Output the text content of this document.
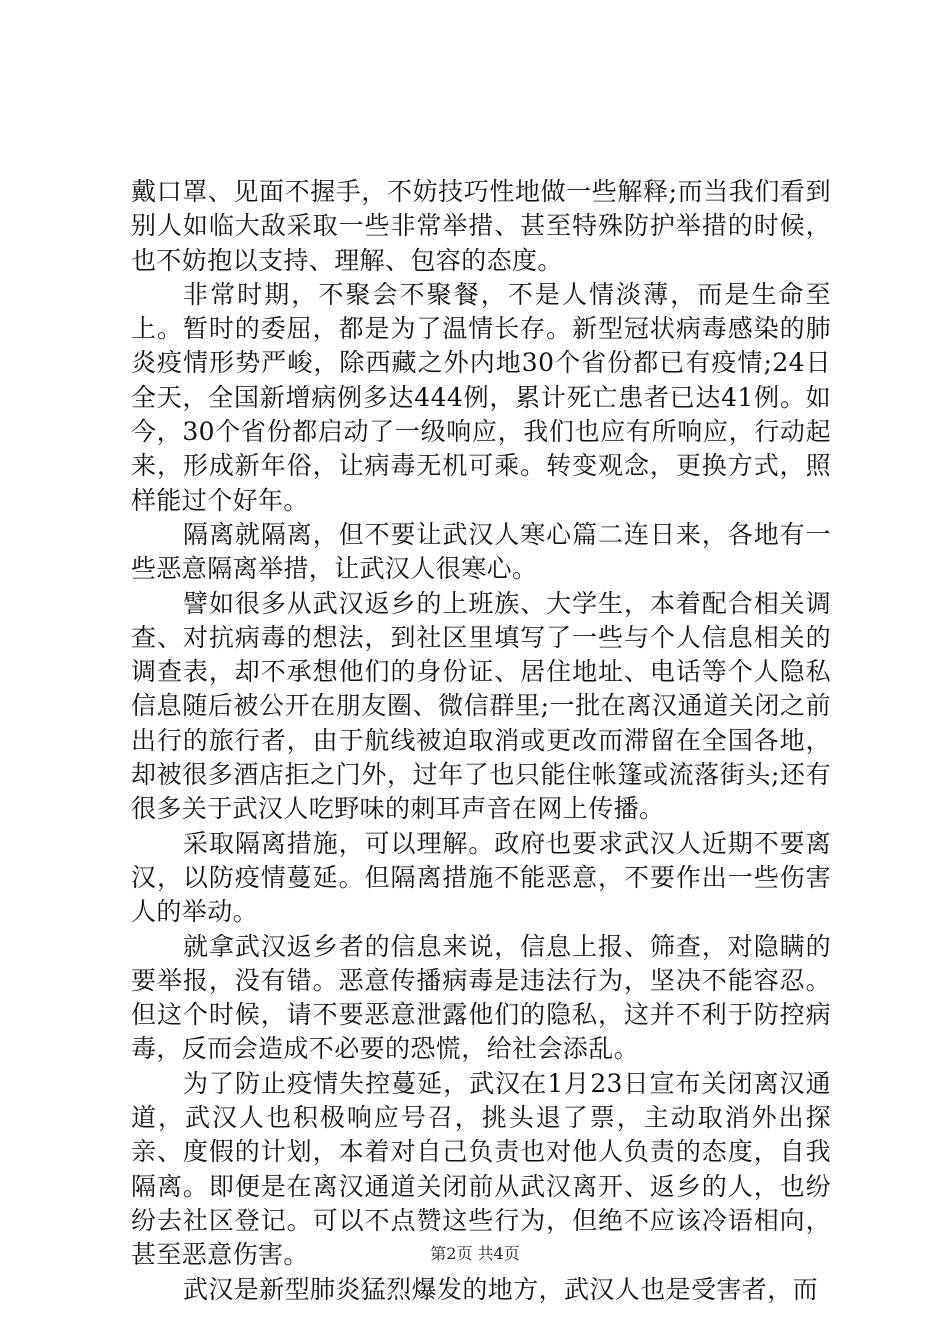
戴口罩、见面不握手，不妨技巧性地做一些解释;而当我们看到别人如临大敌采取一些非常举措、甚至特殊防护举措的时候，也不妨抱以支持、理解、包容的态度。

非常时期，不聚会不聚餐，不是人情淡薄，而是生命至上。暂时的委屈，都是为了温情长存。新型冠状病毒感染的肺炎疫情形势严峻，除西藏之外内地30个省份都已有疫情;24日全天，全国新增病例多达444例，累计死亡患者已达41例。如今，30个省份都启动了一级响应，我们也应有所响应，行动起来，形成新年俗，让病毒无机可乘。转变观念，更换方式，照样能过个好年。

隔离就隔离，但不要让武汉人寒心篇二连日来，各地有一些恶意隔离举措，让武汉人很寒心。

譬如很多从武汉返乡的上班族、大学生，本着配合相关调查、对抗病毒的想法，到社区里填写了一些与个人信息相关的调查表，却不承想他们的身份证、居住地址、电话等个人隐私信息随后被公开在朋友圈、微信群里;一批在离汉通道关闭之前出行的旅行者，由于航线被迫取消或更改而滞留在全国各地，却被很多酒店拒之门外，过年了也只能住帐篷或流落街头;还有很多关于武汉人吃野味的刺耳声音在网上传播。

采取隔离措施，可以理解。政府也要求武汉人近期不要离汉，以防疫情蔓延。但隔离措施不能恶意，不要作出一些伤害人的举动。

就拿武汉返乡者的信息来说，信息上报、筛查，对隐瞒的要举报，没有错。恶意传播病毒是违法行为，坚决不能容忍。但这个时候，请不要恶意泄露他们的隐私，这并不利于防控病毒，反而会造成不必要的恐慌，给社会添乱。

为了防止疫情失控蔓延，武汉在1月23日宣布关闭离汉通道，武汉人也积极响应号召，挑头退了票，主动取消外出探亲、度假的计划，本着对自己负责也对他人负责的态度，自我隔离。即便是在离汉通道关闭前从武汉离开、返乡的人，也纷纷去社区登记。可以不点赞这些行为，但绝不应该冷语相向，甚至恶意伤害。

武汉是新型肺炎猛烈爆发的地方，武汉人也是受害者，而

第2页 共4页
